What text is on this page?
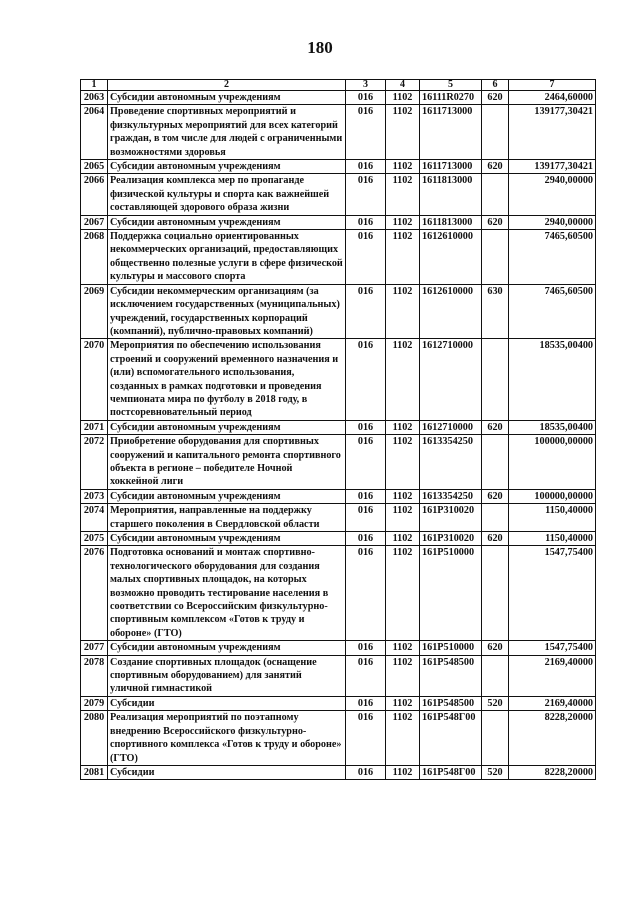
180
1	2	3	4	5	6	7
2063	Субсидии автономным учреждениям	016	1102	16111R0270	620	2464,60000
2064	Проведение спортивных мероприятий и физкультурных мероприятий для всех категорий граждан, в том числе для людей с ограниченными возможностями здоровья	016	1102	1611713000		139177,30421
2065	Субсидии автономным учреждениям	016	1102	1611713000	620	139177,30421
2066	Реализация комплекса мер по пропаганде физической культуры и спорта как важнейшей составляющей здорового образа жизни	016	1102	1611813000		2940,00000
2067	Субсидии автономным учреждениям	016	1102	1611813000	620	2940,00000
2068	Поддержка социально ориентированных некоммерческих организаций, предоставляющих общественно полезные услуги в сфере физической культуры и массового спорта	016	1102	1612610000		7465,60500
2069	Субсидии некоммерческим организациям (за исключением государственных (муниципальных) учреждений, государственных корпораций (компаний), публично-правовых компаний)	016	1102	1612610000	630	7465,60500
2070	Мероприятия по обеспечению использования строений и сооружений временного назначения и (или) вспомогательного использования, созданных в рамках подготовки и проведения чемпионата мира по футболу в 2018 году, в постсоревновательный период	016	1102	1612710000		18535,00400
2071	Субсидии автономным учреждениям	016	1102	1612710000	620	18535,00400
2072	Приобретение оборудования для спортивных сооружений и капитального ремонта спортивного объекта в регионе – победителе Ночной хоккейной лиги	016	1102	1613354250		100000,00000
2073	Субсидии автономным учреждениям	016	1102	1613354250	620	100000,00000
2074	Мероприятия, направленные на поддержку старшего поколения в Свердловской области	016	1102	161Р310020		1150,40000
2075	Субсидии автономным учреждениям	016	1102	161Р310020	620	1150,40000
2076	Подготовка оснований и монтаж спортивно-технологического оборудования для создания малых спортивных площадок, на которых возможно проводить тестирование населения в соответствии со Всероссийским физкультурно-спортивным комплексом «Готов к труду и обороне» (ГТО)	016	1102	161Р510000		1547,75400
2077	Субсидии автономным учреждениям	016	1102	161Р510000	620	1547,75400
2078	Создание спортивных площадок (оснащение спортивным оборудованием) для занятий уличной гимнастикой	016	1102	161Р548500		2169,40000
2079	Субсидии	016	1102	161Р548500	520	2169,40000
2080	Реализация мероприятий по поэтапному внедрению Всероссийского физкультурно-спортивного комплекса «Готов к труду и обороне» (ГТО)	016	1102	161Р548Г00		8228,20000
2081	Субсидии	016	1102	161Р548Г00	520	8228,20000
